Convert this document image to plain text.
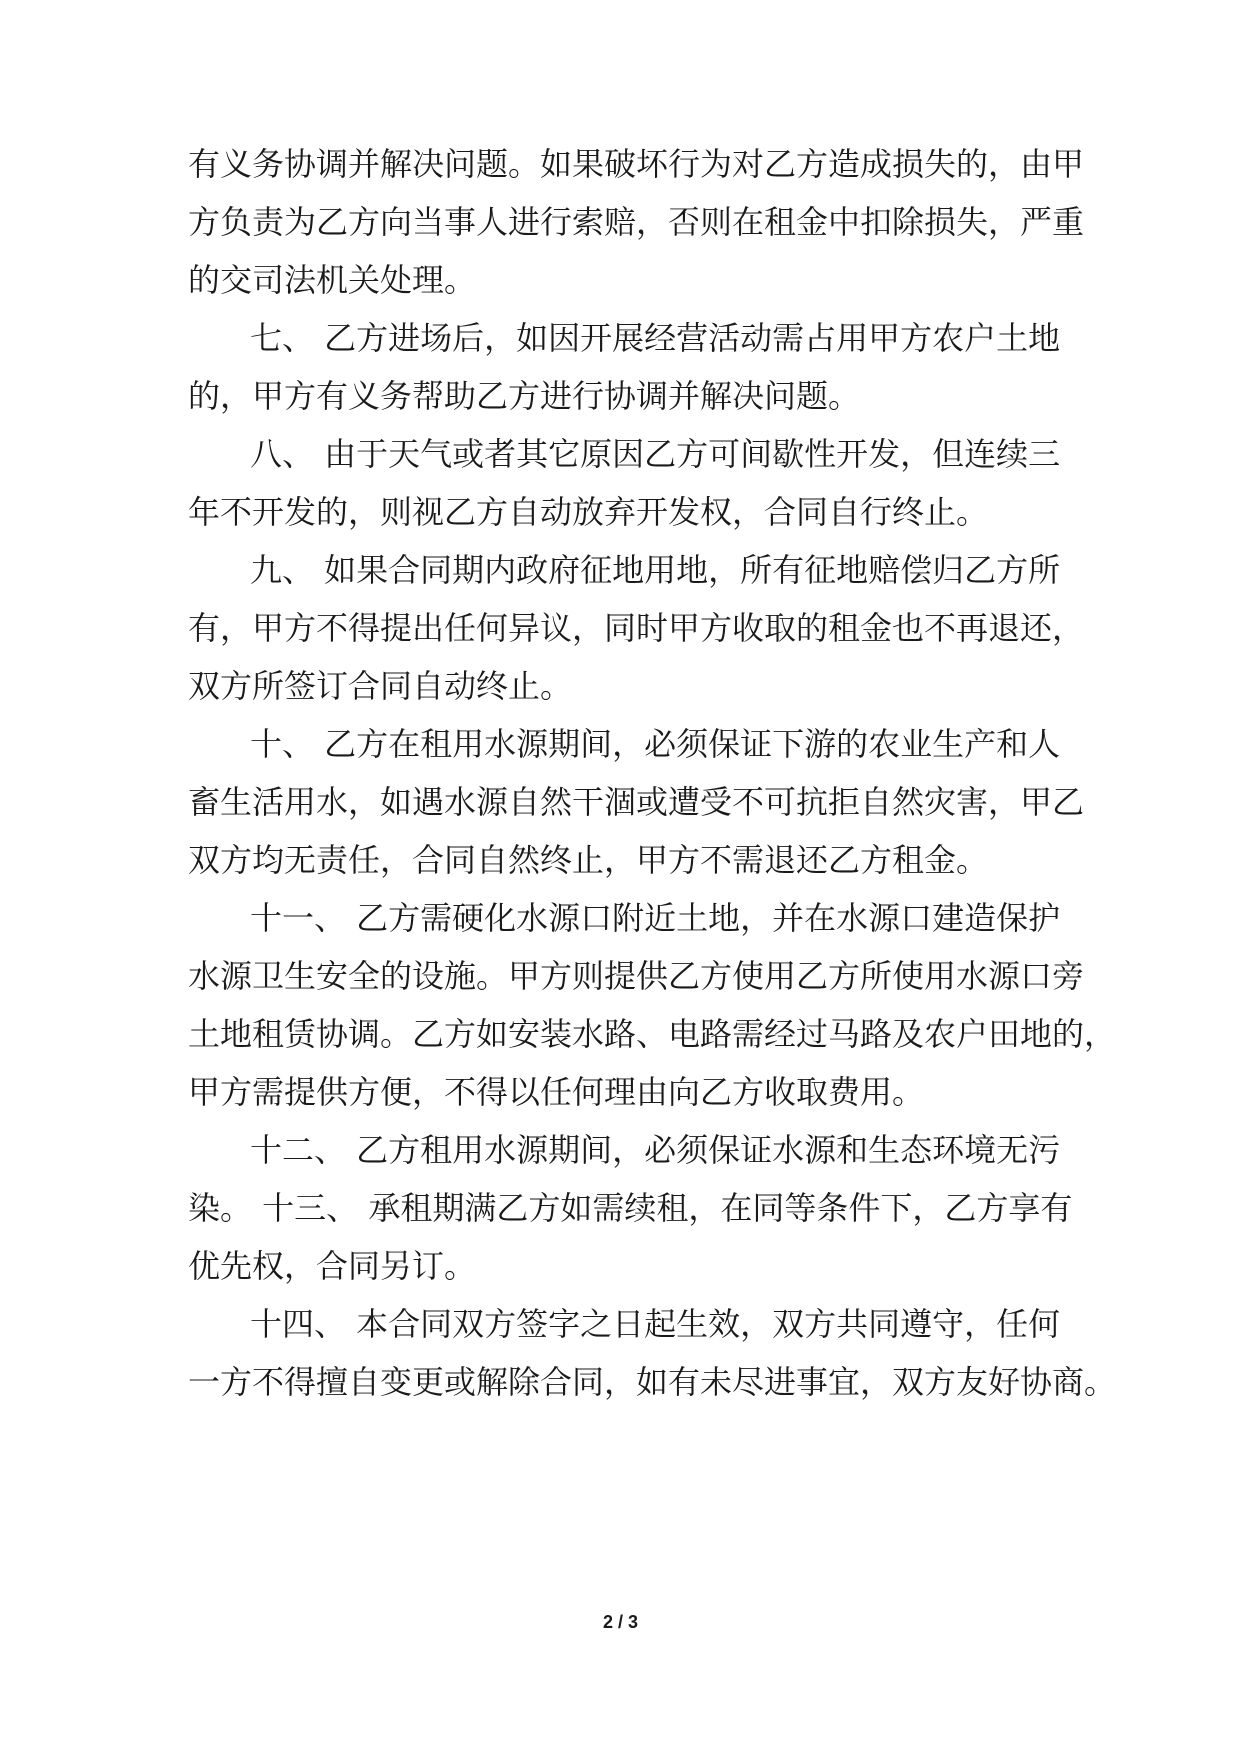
有义务协调并解决问题。如果破坏行为对乙方造成损失的，由甲
方负责为乙方向当事人进行索赔，否则在租金中扣除损失，严重
的交司法机关处理。
七、 乙方进场后，如因开展经营活动需占用甲方农户土地
的，甲方有义务帮助乙方进行协调并解决问题。
八、 由于天气或者其它原因乙方可间歇性开发，但连续三
年不开发的，则视乙方自动放弃开发权，合同自行终止。
九、 如果合同期内政府征地用地，所有征地赔偿归乙方所
有，甲方不得提出任何异议，同时甲方收取的租金也不再退还，
双方所签订合同自动终止。
十、 乙方在租用水源期间，必须保证下游的农业生产和人
畜生活用水，如遇水源自然干涸或遭受不可抗拒自然灾害，甲乙
双方均无责任，合同自然终止，甲方不需退还乙方租金。
十一、 乙方需硬化水源口附近土地，并在水源口建造保护
水源卫生安全的设施。甲方则提供乙方使用乙方所使用水源口旁
土地租赁协调。乙方如安装水路、电路需经过马路及农户田地的，
甲方需提供方便，不得以任何理由向乙方收取费用。
十二、 乙方租用水源期间，必须保证水源和生态环境无污
染。 十三、 承租期满乙方如需续租，在同等条件下，乙方享有
优先权，合同另订。
十四、 本合同双方签字之日起生效，双方共同遵守，任何
一方不得擅自变更或解除合同，如有未尽进事宜，双方友好协商。
2 / 3
